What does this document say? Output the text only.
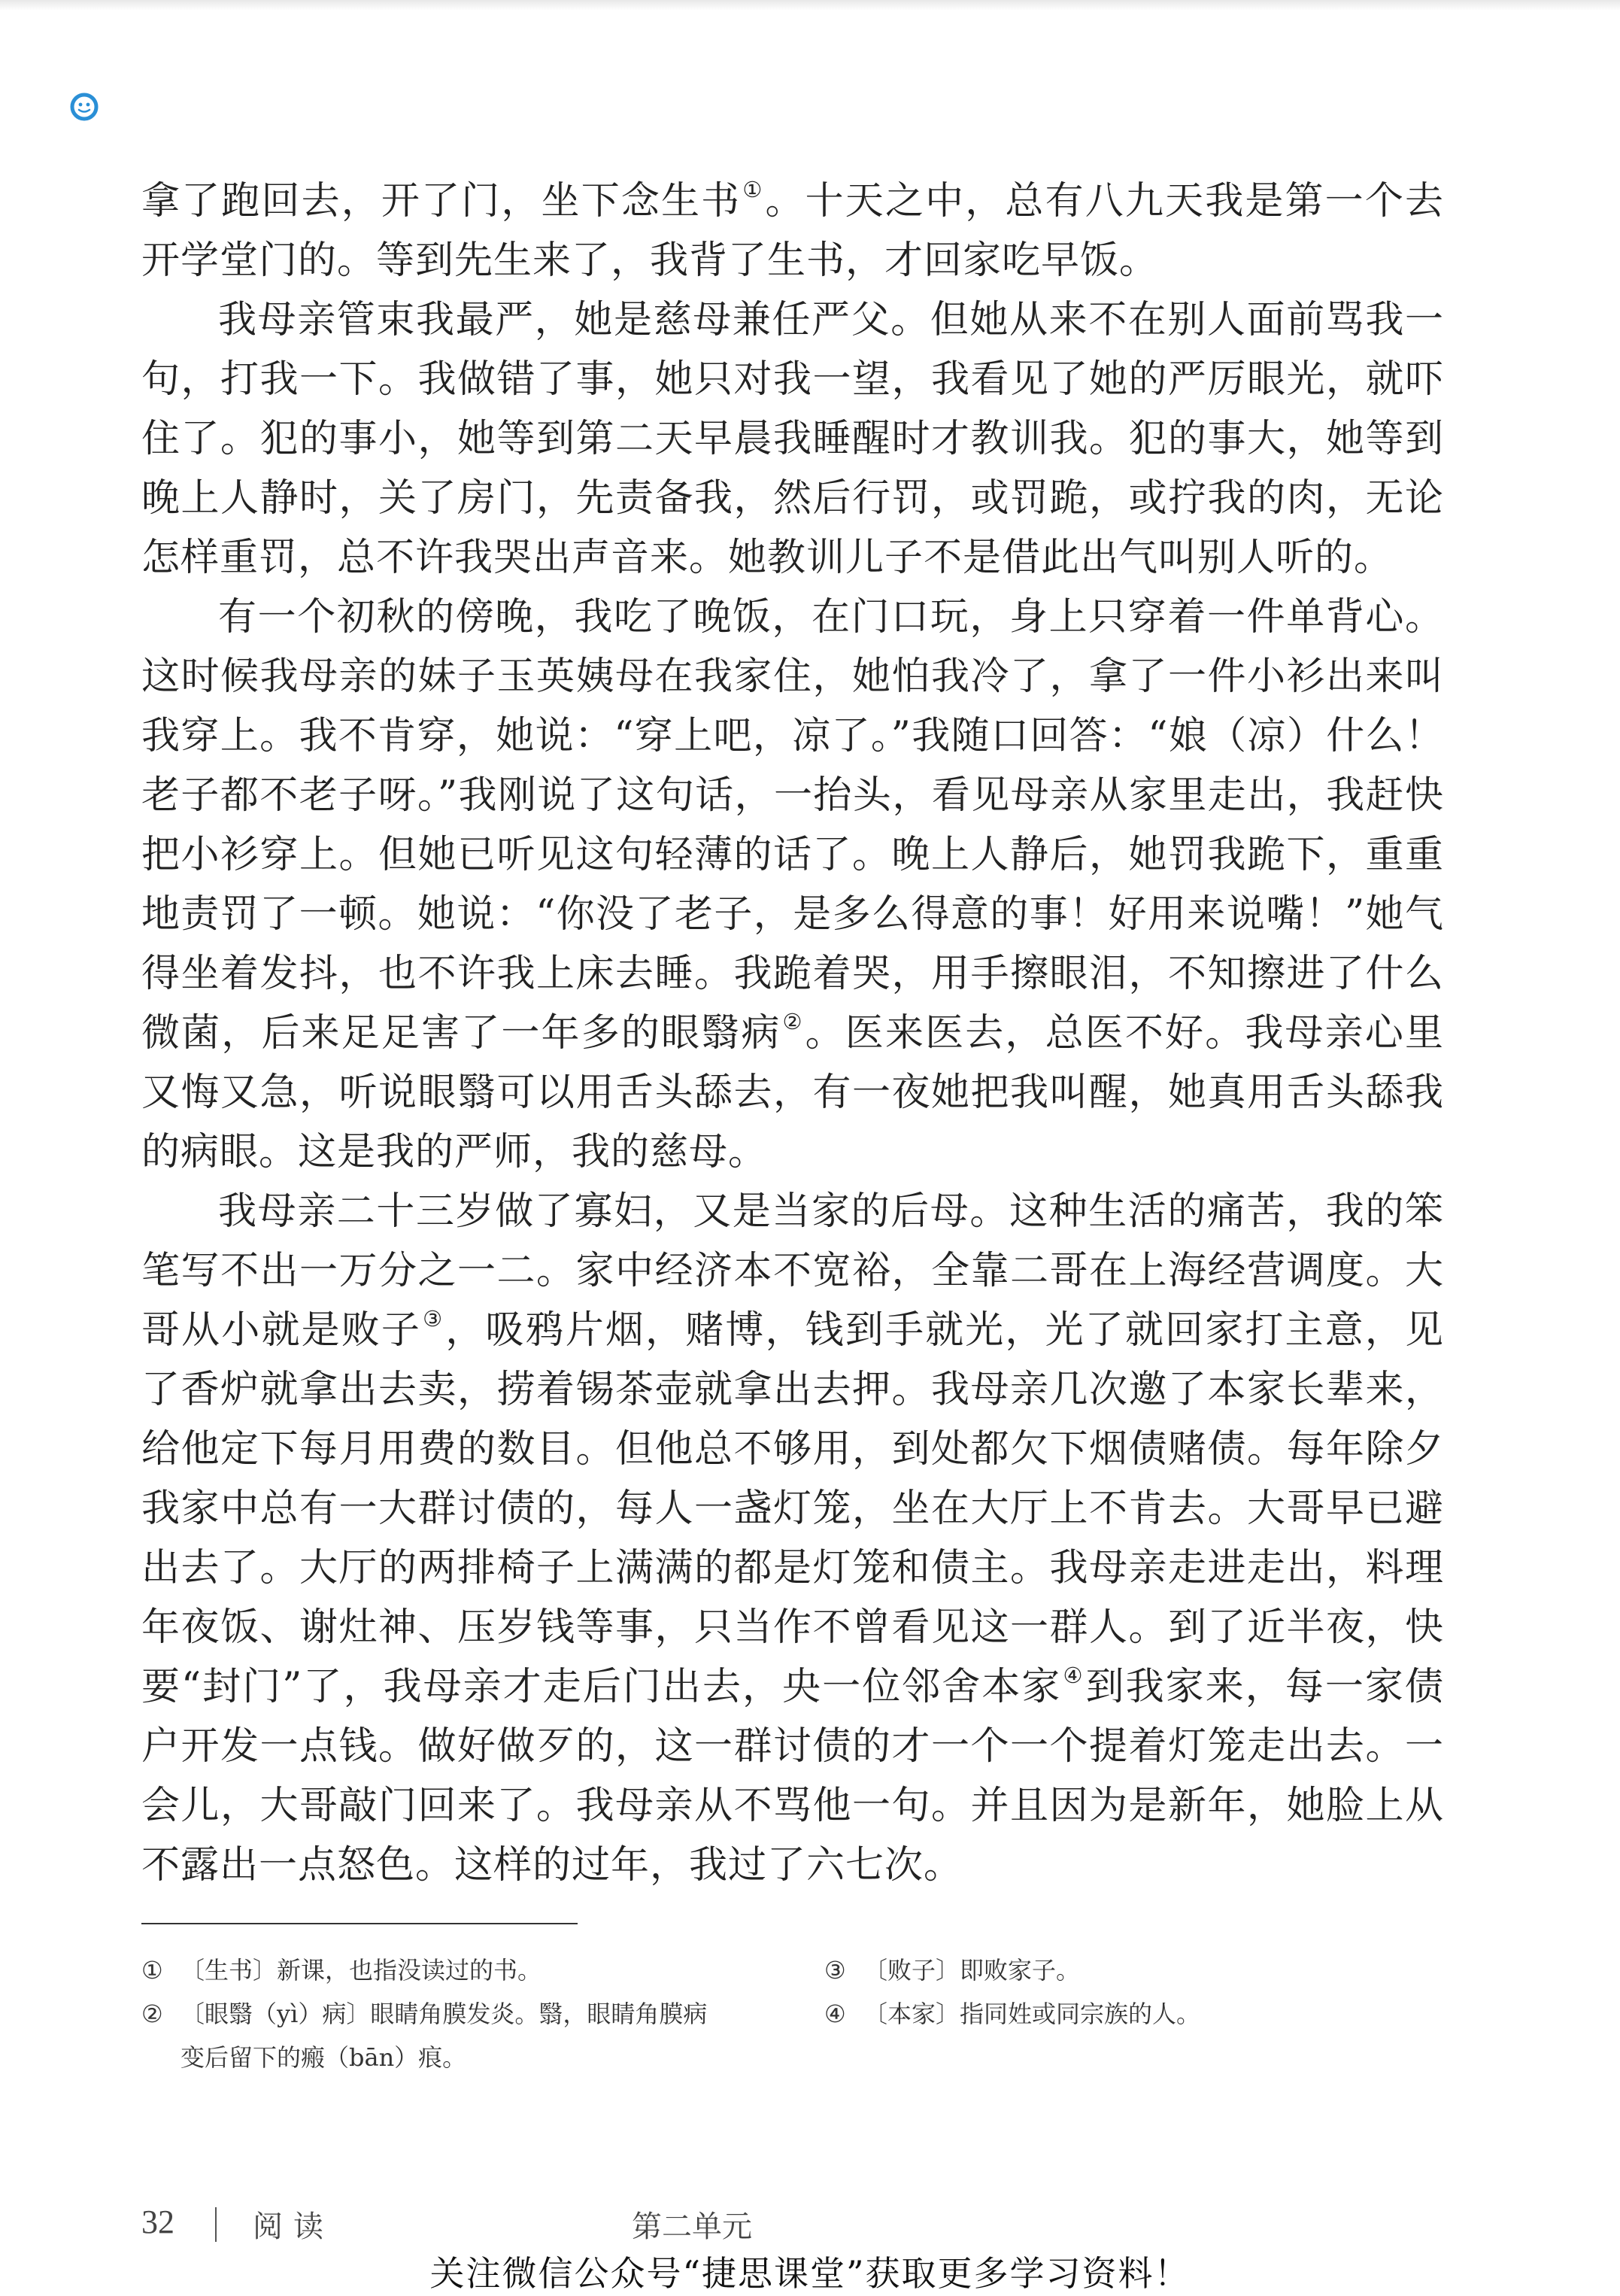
拿了跑回去，开了门，坐下念生书①。十天之中，总有八九天我是第一个去开学堂门的。等到先生来了，我背了生书，才回家吃早饭。

我母亲管束我最严，她是慈母兼任严父。但她从来不在别人面前骂我一句，打我一下。我做错了事，她只对我一望，我看见了她的严厉眼光，就吓住了。犯的事小，她等到第二天早晨我睡醒时才教训我。犯的事大，她等到晚上人静时，关了房门，先责备我，然后行罚，或罚跪，或拧我的肉，无论怎样重罚，总不许我哭出声音来。她教训儿子不是借此出气叫别人听的。

有一个初秋的傍晚，我吃了晚饭，在门口玩，身上只穿着一件单背心。这时候我母亲的妹子玉英姨母在我家住，她怕我冷了，拿了一件小衫出来叫我穿上。我不肯穿，她说：“穿上吧，凉了。”我随口回答：“娘（凉）什么！老子都不老子呀。”我刚说了这句话，一抬头，看见母亲从家里走出，我赶快把小衫穿上。但她已听见这句轻薄的话了。晚上人静后，她罚我跪下，重重地责罚了一顿。她说：“你没了老子，是多么得意的事！好用来说嘴！”她气得坐着发抖，也不许我上床去睡。我跪着哭，用手擦眼泪，不知擦进了什么微菌，后来足足害了一年多的眼翳病②。医来医去，总医不好。我母亲心里又悔又急，听说眼翳可以用舌头舔去，有一夜她把我叫醒，她真用舌头舔我的病眼。这是我的严师，我的慈母。

我母亲二十三岁做了寡妇，又是当家的后母。这种生活的痛苦，我的笨笔写不出一万分之一二。家中经济本不宽裕，全靠二哥在上海经营调度。大哥从小就是败子③，吸鸦片烟，赌博，钱到手就光，光了就回家打主意，见了香炉就拿出去卖，捞着锡茶壶就拿出去押。我母亲几次邀了本家长辈来，给他定下每月用费的数目。但他总不够用，到处都欠下烟债赌债。每年除夕我家中总有一大群讨债的，每人一盏灯笼，坐在大厅上不肯去。大哥早已避出去了。大厅的两排椅子上满满的都是灯笼和债主。我母亲走进走出，料理年夜饭、谢灶神、压岁钱等事，只当作不曾看见这一群人。到了近半夜，快要“封门”了，我母亲才走后门出去，央一位邻舍本家④到我家来，每一家债户开发一点钱。做好做歹的，这一群讨债的才一个一个提着灯笼走出去。一会儿，大哥敲门回来了。我母亲从不骂他一句。并且因为是新年，她脸上从不露出一点怒色。这样的过年，我过了六七次。

① 〔生书〕新课，也指没读过的书。

② 〔眼翳（yì）病〕眼睛角膜发炎。翳，眼睛角膜病变后留下的瘢（bān）痕。

③ 〔败子〕即败家子。

④ 〔本家〕指同姓或同宗族的人。

32	阅读	第二单元
关注微信公众号“捷思课堂”获取更多学习资料！
